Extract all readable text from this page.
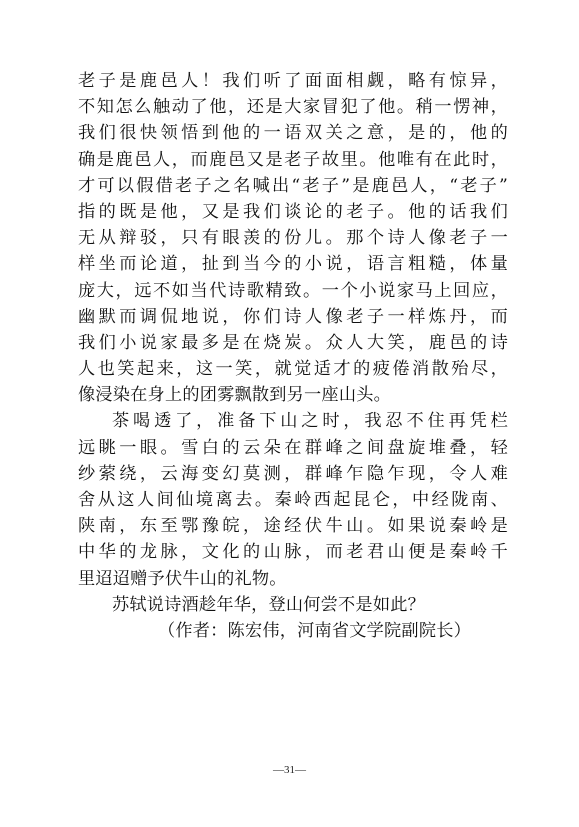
老子是鹿邑人！我们听了面面相觑，略有惊异，
不知怎么触动了他，还是大家冒犯了他。稍一愣神，
我们很快领悟到他的一语双关之意，是的，他的
确是鹿邑人，而鹿邑又是老子故里。他唯有在此时，
才可以假借老子之名喊出“老子”是鹿邑人，“老子”
指的既是他，又是我们谈论的老子。他的话我们
无从辩驳，只有眼羡的份儿。那个诗人像老子一
样坐而论道，扯到当今的小说，语言粗糙，体量
庞大，远不如当代诗歌精致。一个小说家马上回应，
幽默而调侃地说，你们诗人像老子一样炼丹，而
我们小说家最多是在烧炭。众人大笑，鹿邑的诗
人也笑起来，这一笑，就觉适才的疲倦消散殆尽，
像浸染在身上的团雾飘散到另一座山头。
茶喝透了，准备下山之时，我忍不住再凭栏
远眺一眼。雪白的云朵在群峰之间盘旋堆叠，轻
纱萦绕，云海变幻莫测，群峰乍隐乍现，令人难
舍从这人间仙境离去。秦岭西起昆仑，中经陇南、
陕南，东至鄂豫皖，途经伏牛山。如果说秦岭是
中华的龙脉，文化的山脉，而老君山便是秦岭千
里迢迢赠予伏牛山的礼物。
苏轼说诗酒趁年华，登山何尝不是如此？
（作者：陈宏伟，河南省文学院副院长）
—31—
